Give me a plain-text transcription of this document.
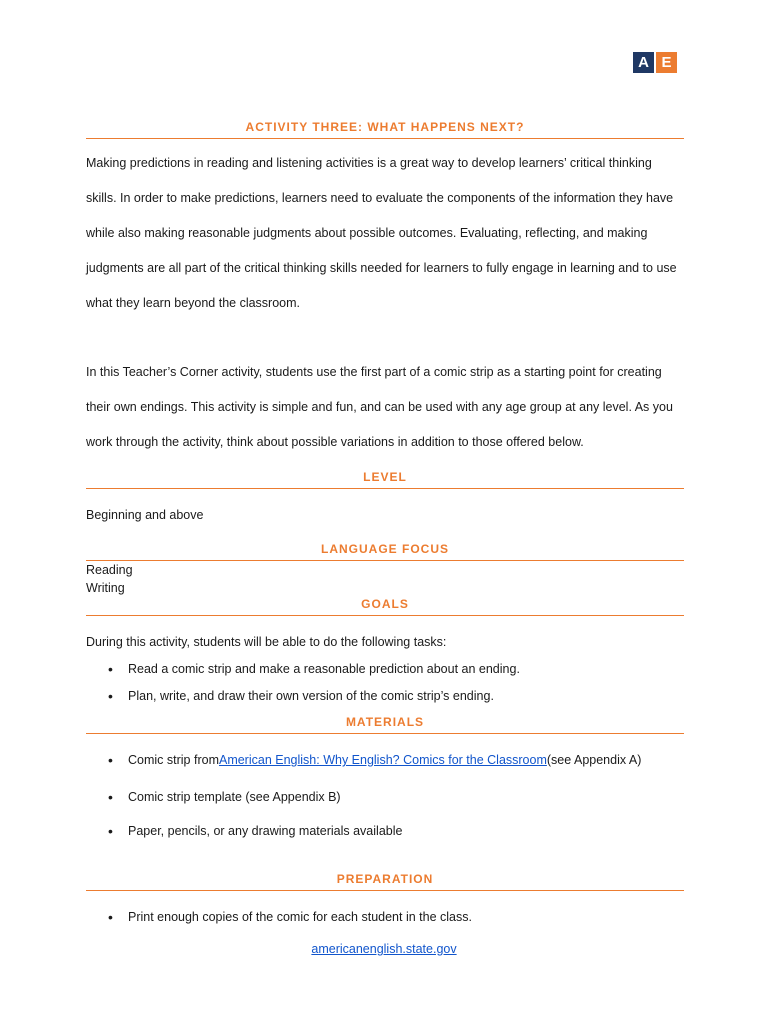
A E
ACTIVITY THREE: WHAT HAPPENS NEXT?

Making predictions in reading and listening activities is a great way to develop learners’ critical thinking skills. In order to make predictions, learners need to evaluate the components of the information they have while also making reasonable judgments about possible outcomes. Evaluating, reflecting, and making judgments are all part of the critical thinking skills needed for learners to fully engage in learning and to use what they learn beyond the classroom.

In this Teacher’s Corner activity, students use the first part of a comic strip as a starting point for creating their own endings. This activity is simple and fun, and can be used with any age group at any level. As you work through the activity, think about possible variations in addition to those offered below.

LEVEL
Beginning and above
LANGUAGE FOCUS
Reading
Writing
GOALS
During this activity, students will be able to do the following tasks:
•	Read a comic strip and make a reasonable prediction about an ending.
•	Plan, write, and draw their own version of the comic strip’s ending.
MATERIALS
•	Comic strip from American English: Why English? Comics for the Classroom (see Appendix A)
•	Comic strip template (see Appendix B)
•	Paper, pencils, or any drawing materials available
PREPARATION
•	Print enough copies of the comic for each student in the class.
americanenglish.state.gov
